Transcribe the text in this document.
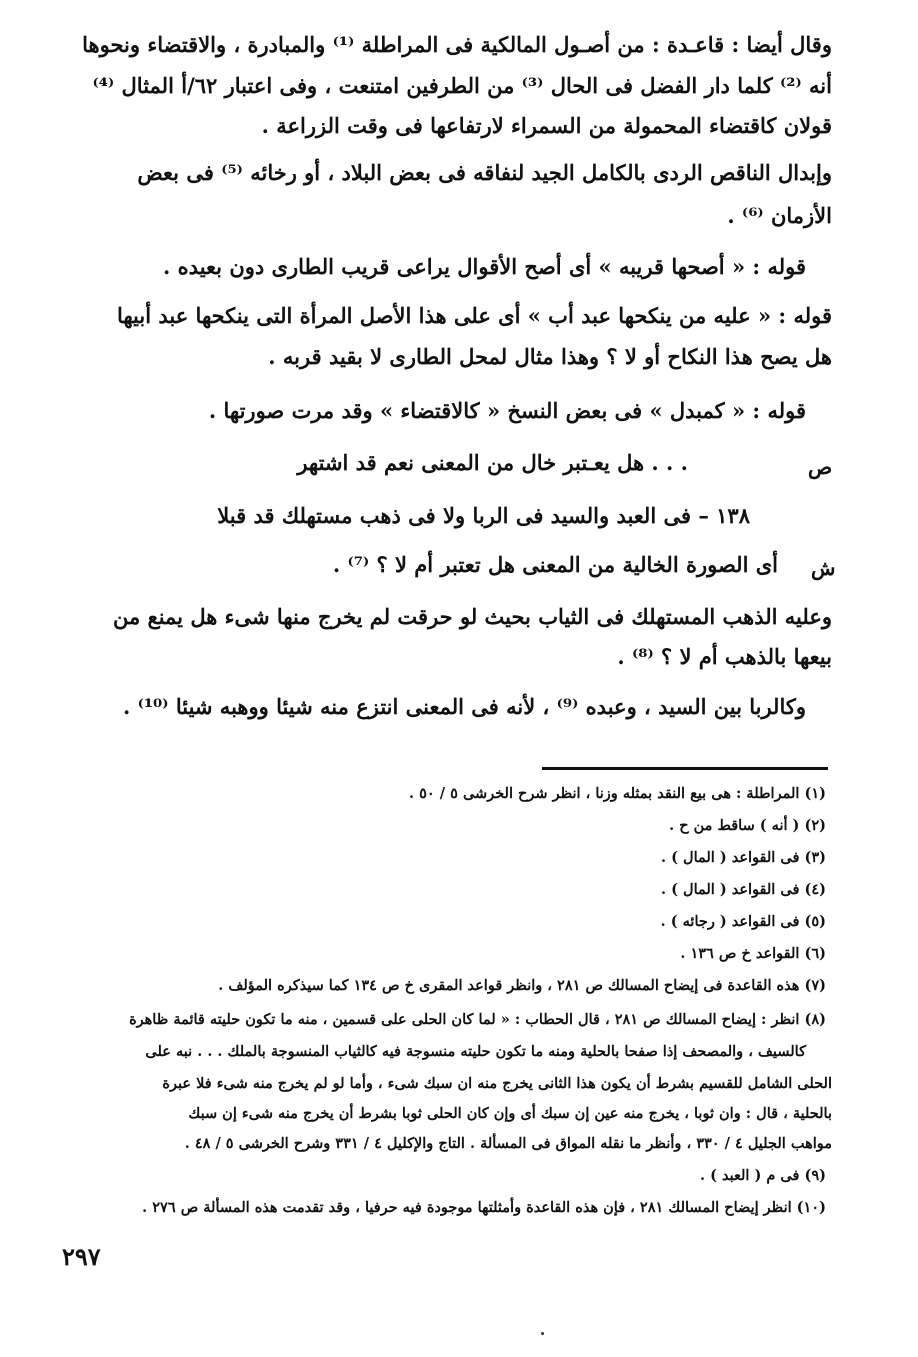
وقال أيضا : قاعـدة : من أصـول المالكية فى المراطلة ⁽¹⁾ والمبادرة ، والاقتضاء ونحوها
أنه ⁽²⁾ كلما دار الفضل فى الحال ⁽³⁾ من الطرفين امتنعت ، وفى اعتبار ٦٢/أ المثال ⁽⁴⁾
قولان كاقتضاء المحمولة من السمراء لارتفاعها فى وقت الزراعة .
وإبدال الناقص الردى بالكامل الجيد لنفاقه فى بعض البلاد ، أو رخائه ⁽⁵⁾ فى بعض
الأزمان ⁽⁶⁾ .
قوله : « أصحها قريبه » أى أصح الأقوال يراعى قريب الطارى دون بعيده .
قوله : « عليه من ينكحها عبد أب » أى على هذا الأصل المرأة التى ينكحها عبد أبيها
هل يصح هذا النكاح أو لا ؟ وهذا مثال لمحل الطارى لا بقيد قربه .
قوله : « كمبدل » فى بعض النسخ « كالاقتضاء » وقد مرت صورتها .
ص
. . . هل يعـتبر خال من المعنى نعم قد اشتهر
١٣٨ – فى العبد والسيد فى الربا ولا فى ذهب مستهلك قد قبلا
ش
أى الصورة الخالية من المعنى هل تعتبر أم لا ؟ ⁽⁷⁾ .
وعليه الذهب المستهلك فى الثياب بحيث لو حرقت لم يخرج منها شىء هل يمنع من
بيعها بالذهب أم لا ؟ ⁽⁸⁾ .
وكالربا بين السيد ، وعبده ⁽⁹⁾ ، لأنه فى المعنى انتزع منه شيئا ووهبه شيئا ⁽¹⁰⁾ .
(١) المراطلة : هى بيع النقد بمثله وزنا ، انظر شرح الخرشى ٥ / ٥٠ .
(٢) ( أنه ) ساقط من ح .
(٣) فى القواعد ( المال ) .
(٤) فى القواعد ( المال ) .
(٥) فى القواعد ( رجائه ) .
(٦) القواعد خ ص ١٣٦ .
(٧) هذه القاعدة فى إيضاح المسالك ص ٢٨١ ، وانظر قواعد المقرى خ ص ١٣٤ كما سيذكره المؤلف .
(٨) انظر : إيضاح المسالك ص ٢٨١ ، قال الحطاب : « لما كان الحلى على قسمين ، منه ما تكون حليته قائمة ظاهرة
كالسيف ، والمصحف إذا صفحا بالحلية ومنه ما تكون حليته منسوجة فيه كالثياب المنسوجة بالملك . . . نبه على
الحلى الشامل للقسيم بشرط أن يكون هذا الثانى يخرج منه ان سبك شىء ، وأما لو لم يخرج منه شىء فلا عبرة
بالحلية ، قال : وان ثوبا ، يخرج منه عين إن سبك أى وإن كان الحلى ثوبا بشرط أن يخرج منه شىء إن سبك
مواهب الجليل ٤ / ٣٣٠ ، وأنظر ما نقله المواق فى المسألة . التاج والإكليل ٤ / ٣٣١ وشرح الخرشى ٥ / ٤٨ .
(٩) فى م ( العبد ) .
(١٠) انظر إيضاح المسالك ٢٨١ ، فإن هذه القاعدة وأمثلتها موجودة فيه حرفيا ، وقد تقدمت هذه المسألة ص ٢٧٦ .
٢٩٧
